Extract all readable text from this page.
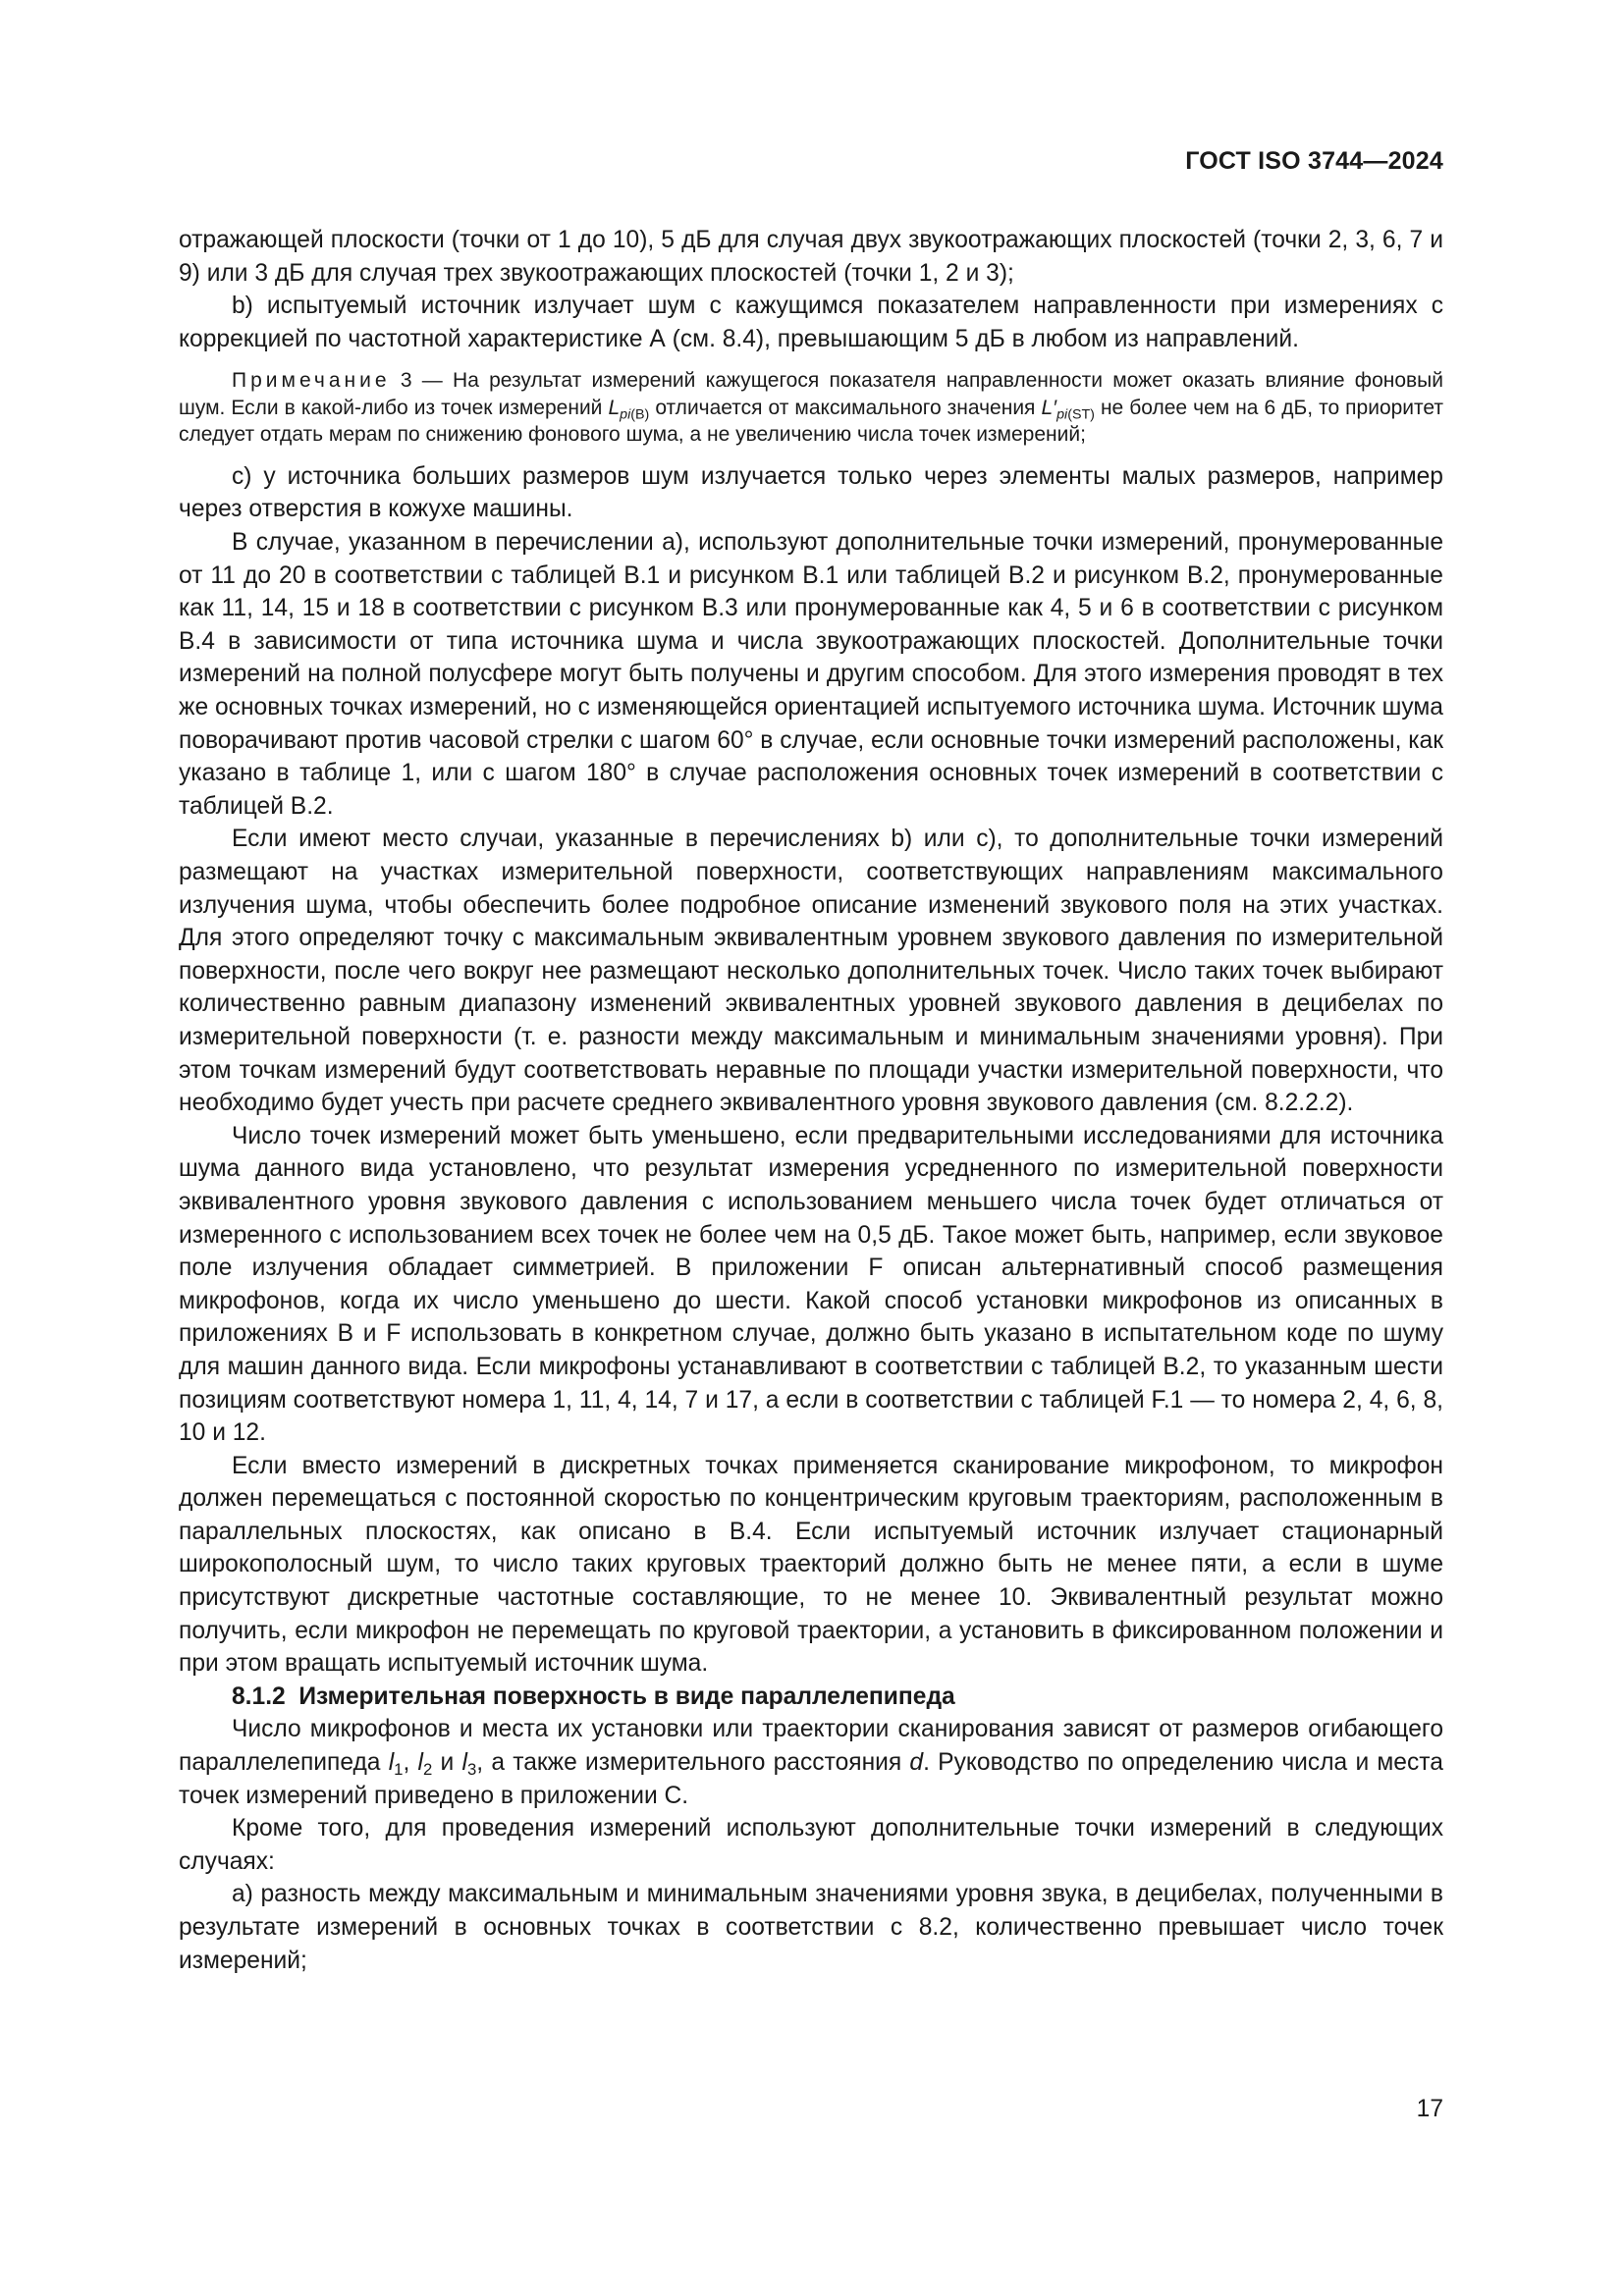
ГОСТ ISO 3744—2024

отражающей плоскости (точки от 1 до 10), 5 дБ для случая двух звукоотражающих плоскостей (точки 2, 3, 6, 7 и 9) или 3 дБ для случая трех звукоотражающих плоскостей (точки 1, 2 и 3);

b) испытуемый источник излучает шум с кажущимся показателем направленности при измерениях с коррекцией по частотной характеристике А (см. 8.4), превышающим 5 дБ в любом из направлений.

Примечание 3 — На результат измерений кажущегося показателя направленности может оказать влияние фоновый шум. Если в какой-либо из точек измерений $L_{pi(B)}$ отличается от максимального значения $L'_{pi(ST)}$ не более чем на 6 дБ, то приоритет следует отдать мерам по снижению фонового шума, а не увеличению числа точек измерений;

c) у источника больших размеров шум излучается только через элементы малых размеров, например через отверстия в кожухе машины.

В случае, указанном в перечислении а), используют дополнительные точки измерений, пронумерованные от 11 до 20 в соответствии с таблицей В.1 и рисунком В.1 или таблицей В.2 и рисунком В.2, пронумерованные как 11, 14, 15 и 18 в соответствии с рисунком В.3 или пронумерованные как 4, 5 и 6 в соответствии с рисунком В.4 в зависимости от типа источника шума и числа звукоотражающих плоскостей. Дополнительные точки измерений на полной полусфере могут быть получены и другим способом. Для этого измерения проводят в тех же основных точках измерений, но с изменяющейся ориентацией испытуемого источника шума. Источник шума поворачивают против часовой стрелки с шагом 60° в случае, если основные точки измерений расположены, как указано в таблице 1, или с шагом 180° в случае расположения основных точек измерений в соответствии с таблицей В.2.

Если имеют место случаи, указанные в перечислениях b) или с), то дополнительные точки измерений размещают на участках измерительной поверхности, соответствующих направлениям максимального излучения шума, чтобы обеспечить более подробное описание изменений звукового поля на этих участках. Для этого определяют точку с максимальным эквивалентным уровнем звукового давления по измерительной поверхности, после чего вокруг нее размещают несколько дополнительных точек. Число таких точек выбирают количественно равным диапазону изменений эквивалентных уровней звукового давления в децибелах по измерительной поверхности (т. е. разности между максимальным и минимальным значениями уровня). При этом точкам измерений будут соответствовать неравные по площади участки измерительной поверхности, что необходимо будет учесть при расчете среднего эквивалентного уровня звукового давления (см. 8.2.2.2).

Число точек измерений может быть уменьшено, если предварительными исследованиями для источника шума данного вида установлено, что результат измерения усредненного по измерительной поверхности эквивалентного уровня звукового давления с использованием меньшего числа точек будет отличаться от измеренного с использованием всех точек не более чем на 0,5 дБ. Такое может быть, например, если звуковое поле излучения обладает симметрией. В приложении F описан альтернативный способ размещения микрофонов, когда их число уменьшено до шести. Какой способ установки микрофонов из описанных в приложениях В и F использовать в конкретном случае, должно быть указано в испытательном коде по шуму для машин данного вида. Если микрофоны устанавливают в соответствии с таблицей В.2, то указанным шести позициям соответствуют номера 1, 11, 4, 14, 7 и 17, а если в соответствии с таблицей F.1 — то номера 2, 4, 6, 8, 10 и 12.

Если вместо измерений в дискретных точках применяется сканирование микрофоном, то микрофон должен перемещаться с постоянной скоростью по концентрическим круговым траекториям, расположенным в параллельных плоскостях, как описано в В.4. Если испытуемый источник излучает стационарный широкополосный шум, то число таких круговых траекторий должно быть не менее пяти, а если в шуме присутствуют дискретные частотные составляющие, то не менее 10. Эквивалентный результат можно получить, если микрофон не перемещать по круговой траектории, а установить в фиксированном положении и при этом вращать испытуемый источник шума.

8.1.2 Измерительная поверхность в виде параллелепипеда

Число микрофонов и места их установки или траектории сканирования зависят от размеров огибающего параллелепипеда $l_1$, $l_2$ и $l_3$, а также измерительного расстояния d. Руководство по определению числа и места точек измерений приведено в приложении С.

Кроме того, для проведения измерений используют дополнительные точки измерений в следующих случаях:

а) разность между максимальным и минимальным значениями уровня звука, в децибелах, полученными в результате измерений в основных точках в соответствии с 8.2, количественно превышает число точек измерений;

17
